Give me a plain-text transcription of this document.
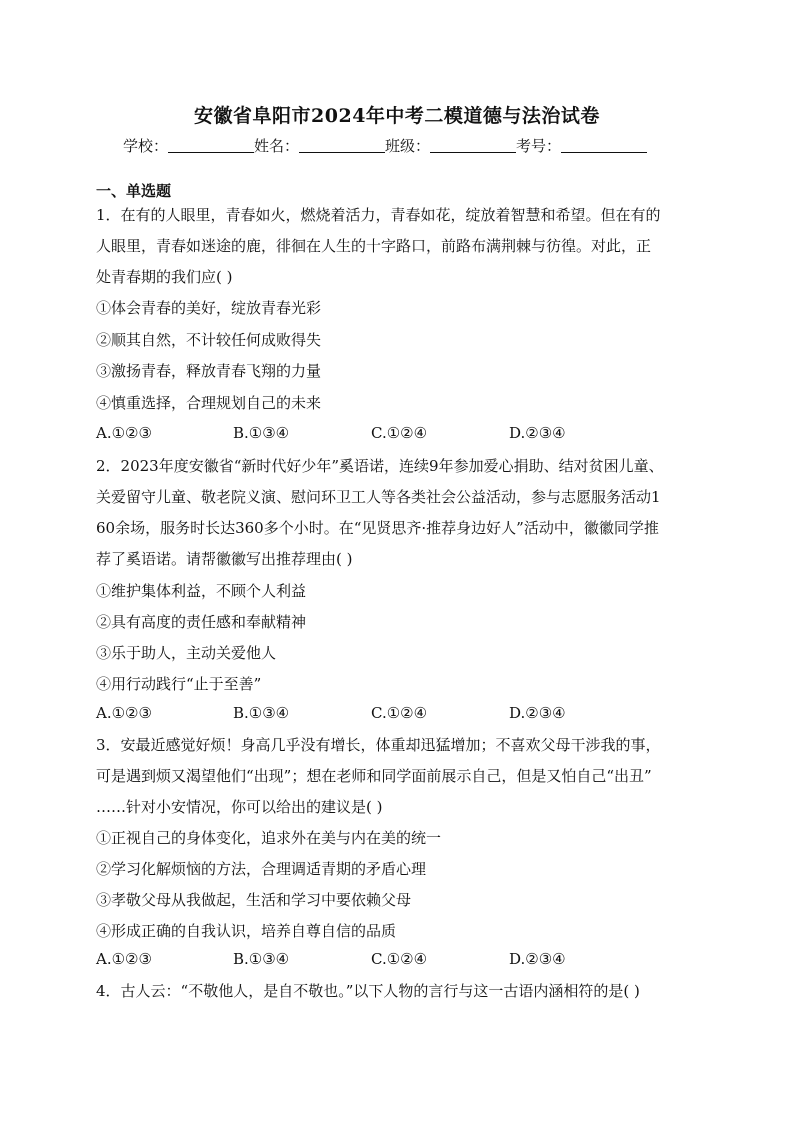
安徽省阜阳市2024年中考二模道德与法治试卷
学校：	姓名：	班级：	考号：
一、单选题
1．在有的人眼里，青春如火，燃烧着活力，青春如花，绽放着智慧和希望。但在有的
人眼里，青春如迷途的鹿，徘徊在人生的十字路口，前路布满荆棘与彷徨。对此，正
处青春期的我们应( )
①体会青春的美好，绽放青春光彩
②顺其自然，不计较任何成败得失
③激扬青春，释放青春飞翔的力量
④慎重选择，合理规划自己的未来
A.①②③	B.①③④	C.①②④	D.②③④
2．2023年度安徽省“新时代好少年”奚语诺，连续9年参加爱心捐助、结对贫困儿童、
关爱留守儿童、敬老院义演、慰问环卫工人等各类社会公益活动，参与志愿服务活动1
60余场，服务时长达360多个小时。在“见贤思齐·推荐身边好人”活动中，徽徽同学推
荐了奚语诺。请帮徽徽写出推荐理由( )
①维护集体利益，不顾个人利益
②具有高度的责任感和奉献精神
③乐于助人，主动关爱他人
④用行动践行“止于至善”
A.①②③	B.①③④	C.①②④	D.②③④
3．安最近感觉好烦！身高几乎没有增长，体重却迅猛增加；不喜欢父母干涉我的事，
可是遇到烦又渴望他们“出现”；想在老师和同学面前展示自己，但是又怕自己“出丑”
……针对小安情况，你可以给出的建议是( )
①正视自己的身体变化，追求外在美与内在美的统一
②学习化解烦恼的方法，合理调适青期的矛盾心理
③孝敬父母从我做起，生活和学习中要依赖父母
④形成正确的自我认识，培养自尊自信的品质
A.①②③	B.①③④	C.①②④	D.②③④
4．古人云：“不敬他人，是自不敬也。”以下人物的言行与这一古语内涵相符的是( )
